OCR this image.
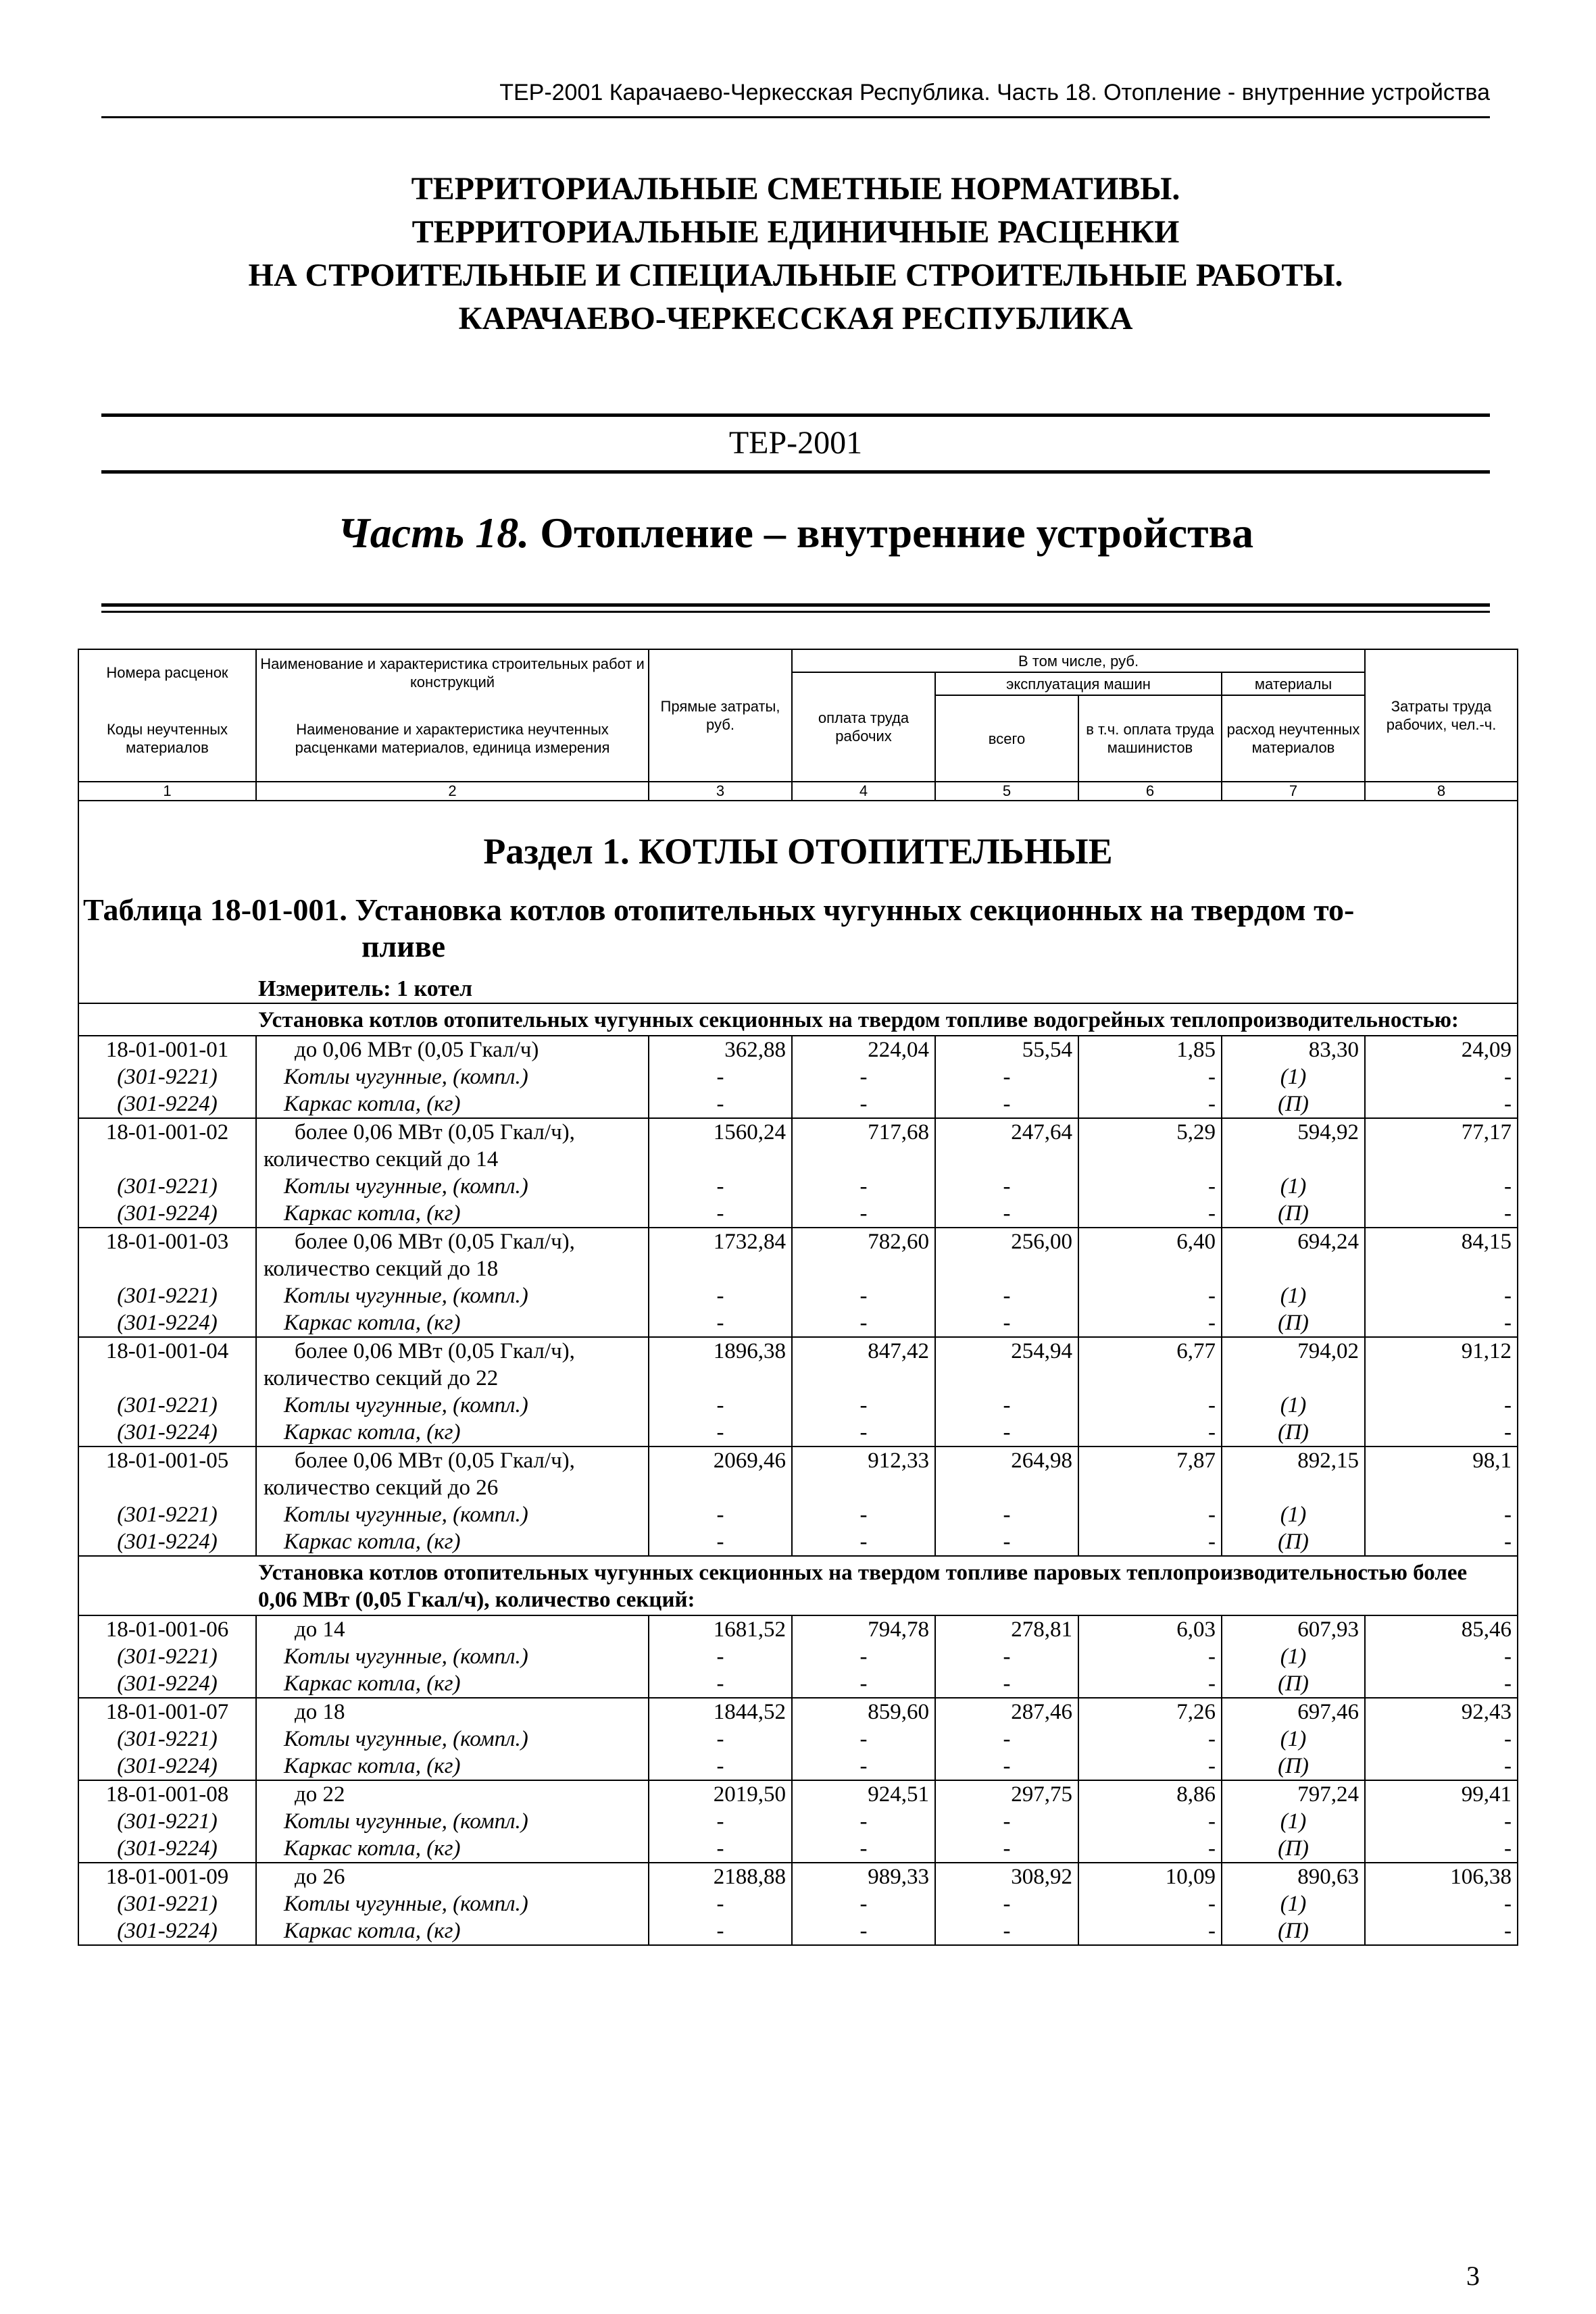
ТЕР-2001 Карачаево-Черкесская Республика. Часть 18. Отопление - внутренние устройства
ТЕРРИТОРИАЛЬНЫЕ СМЕТНЫЕ НОРМАТИВЫ.
ТЕРРИТОРИАЛЬНЫЕ ЕДИНИЧНЫЕ РАСЦЕНКИ
НА СТРОИТЕЛЬНЫЕ И СПЕЦИАЛЬНЫЕ СТРОИТЕЛЬНЫЕ РАБОТЫ.
КАРАЧАЕВО-ЧЕРКЕССКАЯ РЕСПУБЛИКА
ТЕР-2001
Часть 18. Отопление – внутренние устройства
Номера расценок	Наименование и характеристика строительных работ и конструкций	Прямые затраты, руб.	В том числе, руб.				Затраты труда рабочих, чел.-ч.
			оплата труда рабочих	эксплуатация машин		материалы	
Коды неучтенных материалов	Наименование и характеристика неучтенных расценками материалов, единица измерения			всего	в т.ч. оплата труда машинистов	расход неучтенных материалов	

1	2	3	4	5	6	7	8
Раздел 1. КОТЛЫ ОТОПИТЕЛЬНЫЕ							
Таблица 18-01-001. Установка котлов отопительных чугунных секционных на твердом то-
пливе							

Измеритель: 1 котел							
Установка котлов отопительных чугунных секционных на твердом топливе водогрейных теплопроизводительностью:							
18-01-001-01	до 0,06 МВт (0,05 Гкал/ч)	362,88	224,04	55,54	1,85	83,30	24,09
(301-9221)	Котлы чугунные, (компл.)	-	-	-	-	(1)	-
(301-9224)	Каркас котла, (кг)	-	-	-	-	(П)	-
18-01-001-02	более 0,06 МВт (0,05 Гкал/ч),	1560,24	717,68	247,64	5,29	594,92	77,17
	количество секций до 14						
(301-9221)	Котлы чугунные, (компл.)	-	-	-	-	(1)	-
(301-9224)	Каркас котла, (кг)	-	-	-	-	(П)	-
18-01-001-03	более 0,06 МВт (0,05 Гкал/ч),	1732,84	782,60	256,00	6,40	694,24	84,15
	количество секций до 18						
(301-9221)	Котлы чугунные, (компл.)	-	-	-	-	(1)	-
(301-9224)	Каркас котла, (кг)	-	-	-	-	(П)	-
18-01-001-04	более 0,06 МВт (0,05 Гкал/ч),	1896,38	847,42	254,94	6,77	794,02	91,12
	количество секций до 22						
(301-9221)	Котлы чугунные, (компл.)	-	-	-	-	(1)	-
(301-9224)	Каркас котла, (кг)	-	-	-	-	(П)	-
18-01-001-05	более 0,06 МВт (0,05 Гкал/ч),	2069,46	912,33	264,98	7,87	892,15	98,1
	количество секций до 26						
(301-9221)	Котлы чугунные, (компл.)	-	-	-	-	(1)	-
(301-9224)	Каркас котла, (кг)	-	-	-	-	(П)	-
Установка котлов отопительных чугунных секционных на твердом топливе паровых теплопроизводительностью более 0,06 МВт (0,05 Гкал/ч), количество секций:							
18-01-001-06	до 14	1681,52	794,78	278,81	6,03	607,93	85,46
(301-9221)	Котлы чугунные, (компл.)	-	-	-	-	(1)	-
(301-9224)	Каркас котла, (кг)	-	-	-	-	(П)	-
18-01-001-07	до 18	1844,52	859,60	287,46	7,26	697,46	92,43
(301-9221)	Котлы чугунные, (компл.)	-	-	-	-	(1)	-
(301-9224)	Каркас котла, (кг)	-	-	-	-	(П)	-
18-01-001-08	до 22	2019,50	924,51	297,75	8,86	797,24	99,41
(301-9221)	Котлы чугунные, (компл.)	-	-	-	-	(1)	-
(301-9224)	Каркас котла, (кг)	-	-	-	-	(П)	-
18-01-001-09	до 26	2188,88	989,33	308,92	10,09	890,63	106,38
(301-9221)	Котлы чугунные, (компл.)	-	-	-	-	(1)	-
(301-9224)	Каркас котла, (кг)	-	-	-	-	(П)	-
3
